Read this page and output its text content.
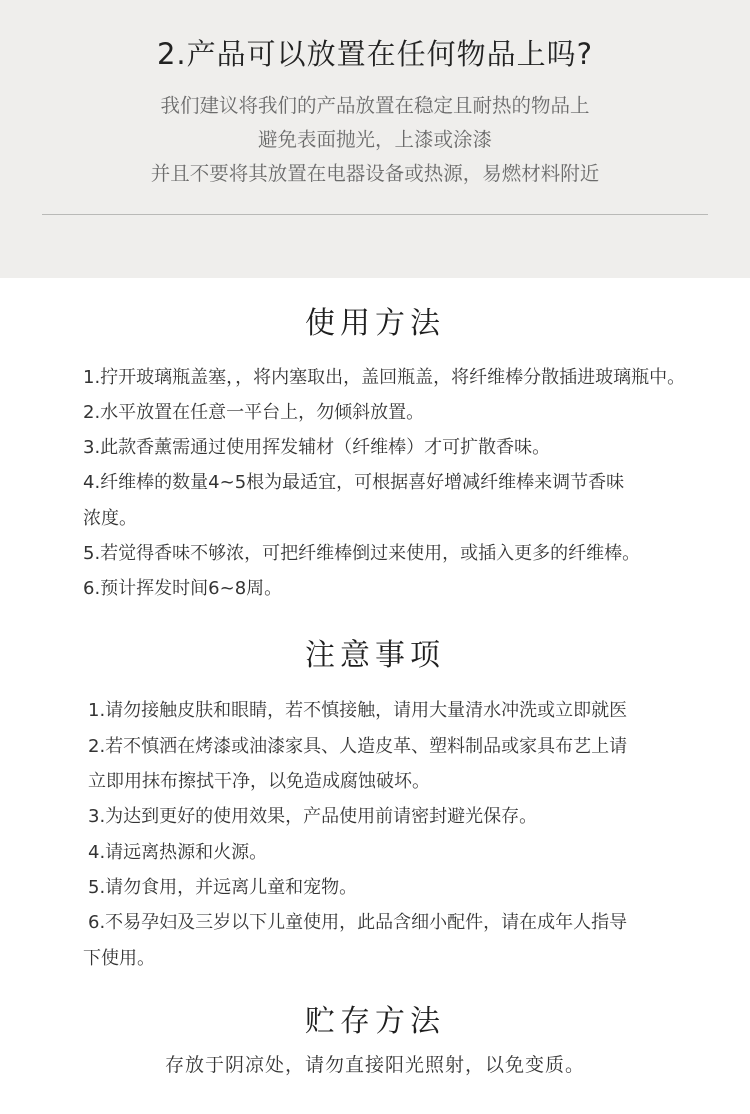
2.产品可以放置在任何物品上吗?
我们建议将我们的产品放置在稳定且耐热的物品上
避免表面抛光，上漆或涂漆
并且不要将其放置在电器设备或热源，易燃材料附近
使用方法
1.拧开玻璃瓶盖塞，，将内塞取出，盖回瓶盖，将纤维棒分散插进玻璃瓶中。
2.水平放置在任意一平台上，勿倾斜放置。
3.此款香薰需通过使用挥发辅材（纤维棒）才可扩散香味。
4.纤维棒的数量4~5根为最适宜，可根据喜好增减纤维棒来调节香味
浓度。
5.若觉得香味不够浓，可把纤维棒倒过来使用，或插入更多的纤维棒。
6.预计挥发时间6~8周。
注意事项
1.请勿接触皮肤和眼睛，若不慎接触，请用大量清水冲洗或立即就医
2.若不慎洒在烤漆或油漆家具、人造皮革、塑料制品或家具布艺上请
立即用抹布擦拭干净，以免造成腐蚀破坏。
3.为达到更好的使用效果，产品使用前请密封避光保存。
4.请远离热源和火源。
5.请勿食用，并远离儿童和宠物。
6.不易孕妇及三岁以下儿童使用，此品含细小配件，请在成年人指导
下使用。
贮存方法
存放于阴凉处，请勿直接阳光照射，以免变质。
